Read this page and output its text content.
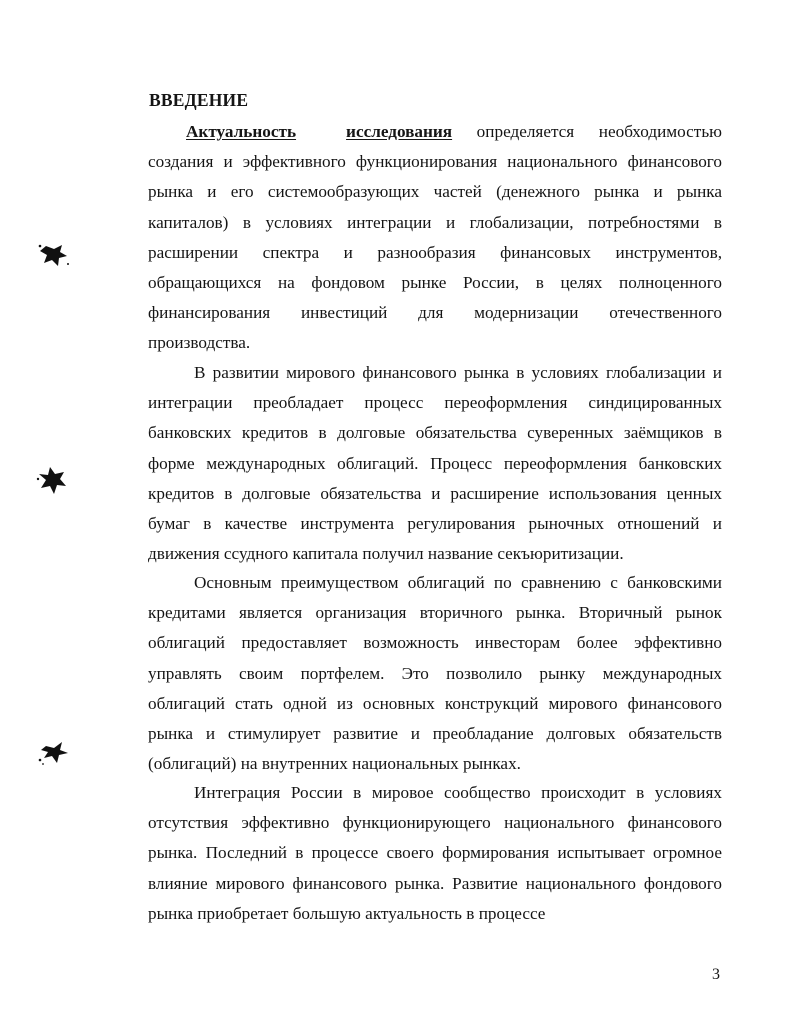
ВВЕДЕНИЕ

Актуальность	исследования определяется необходимостью создания и эффективного функционирования национального финансового рынка и его системообразующих частей (денежного рынка и рынка капиталов) в условиях интеграции и глобализации, потребностями в расширении спектра и разнообразия финансовых инструментов, обращающихся на фондовом рынке России, в целях полноценного финансирования инвестиций для модернизации отечественного производства.

В развитии мирового финансового рынка в условиях глобализации и интеграции преобладает процесс переоформления синдицированных банковских кредитов в долговые обязательства суверенных заёмщиков в форме международных облигаций. Процесс переоформления банковских кредитов в долговые обязательства и расширение использования ценных бумаг в качестве инструмента регулирования рыночных отношений и движения ссудного капитала получил название секъюритизации.

Основным преимуществом облигаций по сравнению с банковскими кредитами является организация вторичного рынка. Вторичный рынок облигаций предоставляет возможность инвесторам более эффективно управлять своим портфелем. Это позволило рынку международных облигаций стать одной из основных конструкций мирового финансового рынка и стимулирует развитие и преобладание долговых обязательств (облигаций) на внутренних национальных рынках.

Интеграция России в мировое сообщество происходит в условиях отсутствия эффективно функционирующего национального финансового рынка. Последний в процессе своего формирования испытывает огромное влияние мирового финансового рынка. Развитие национального фондового рынка приобретает большую актуальность в процессе

3
